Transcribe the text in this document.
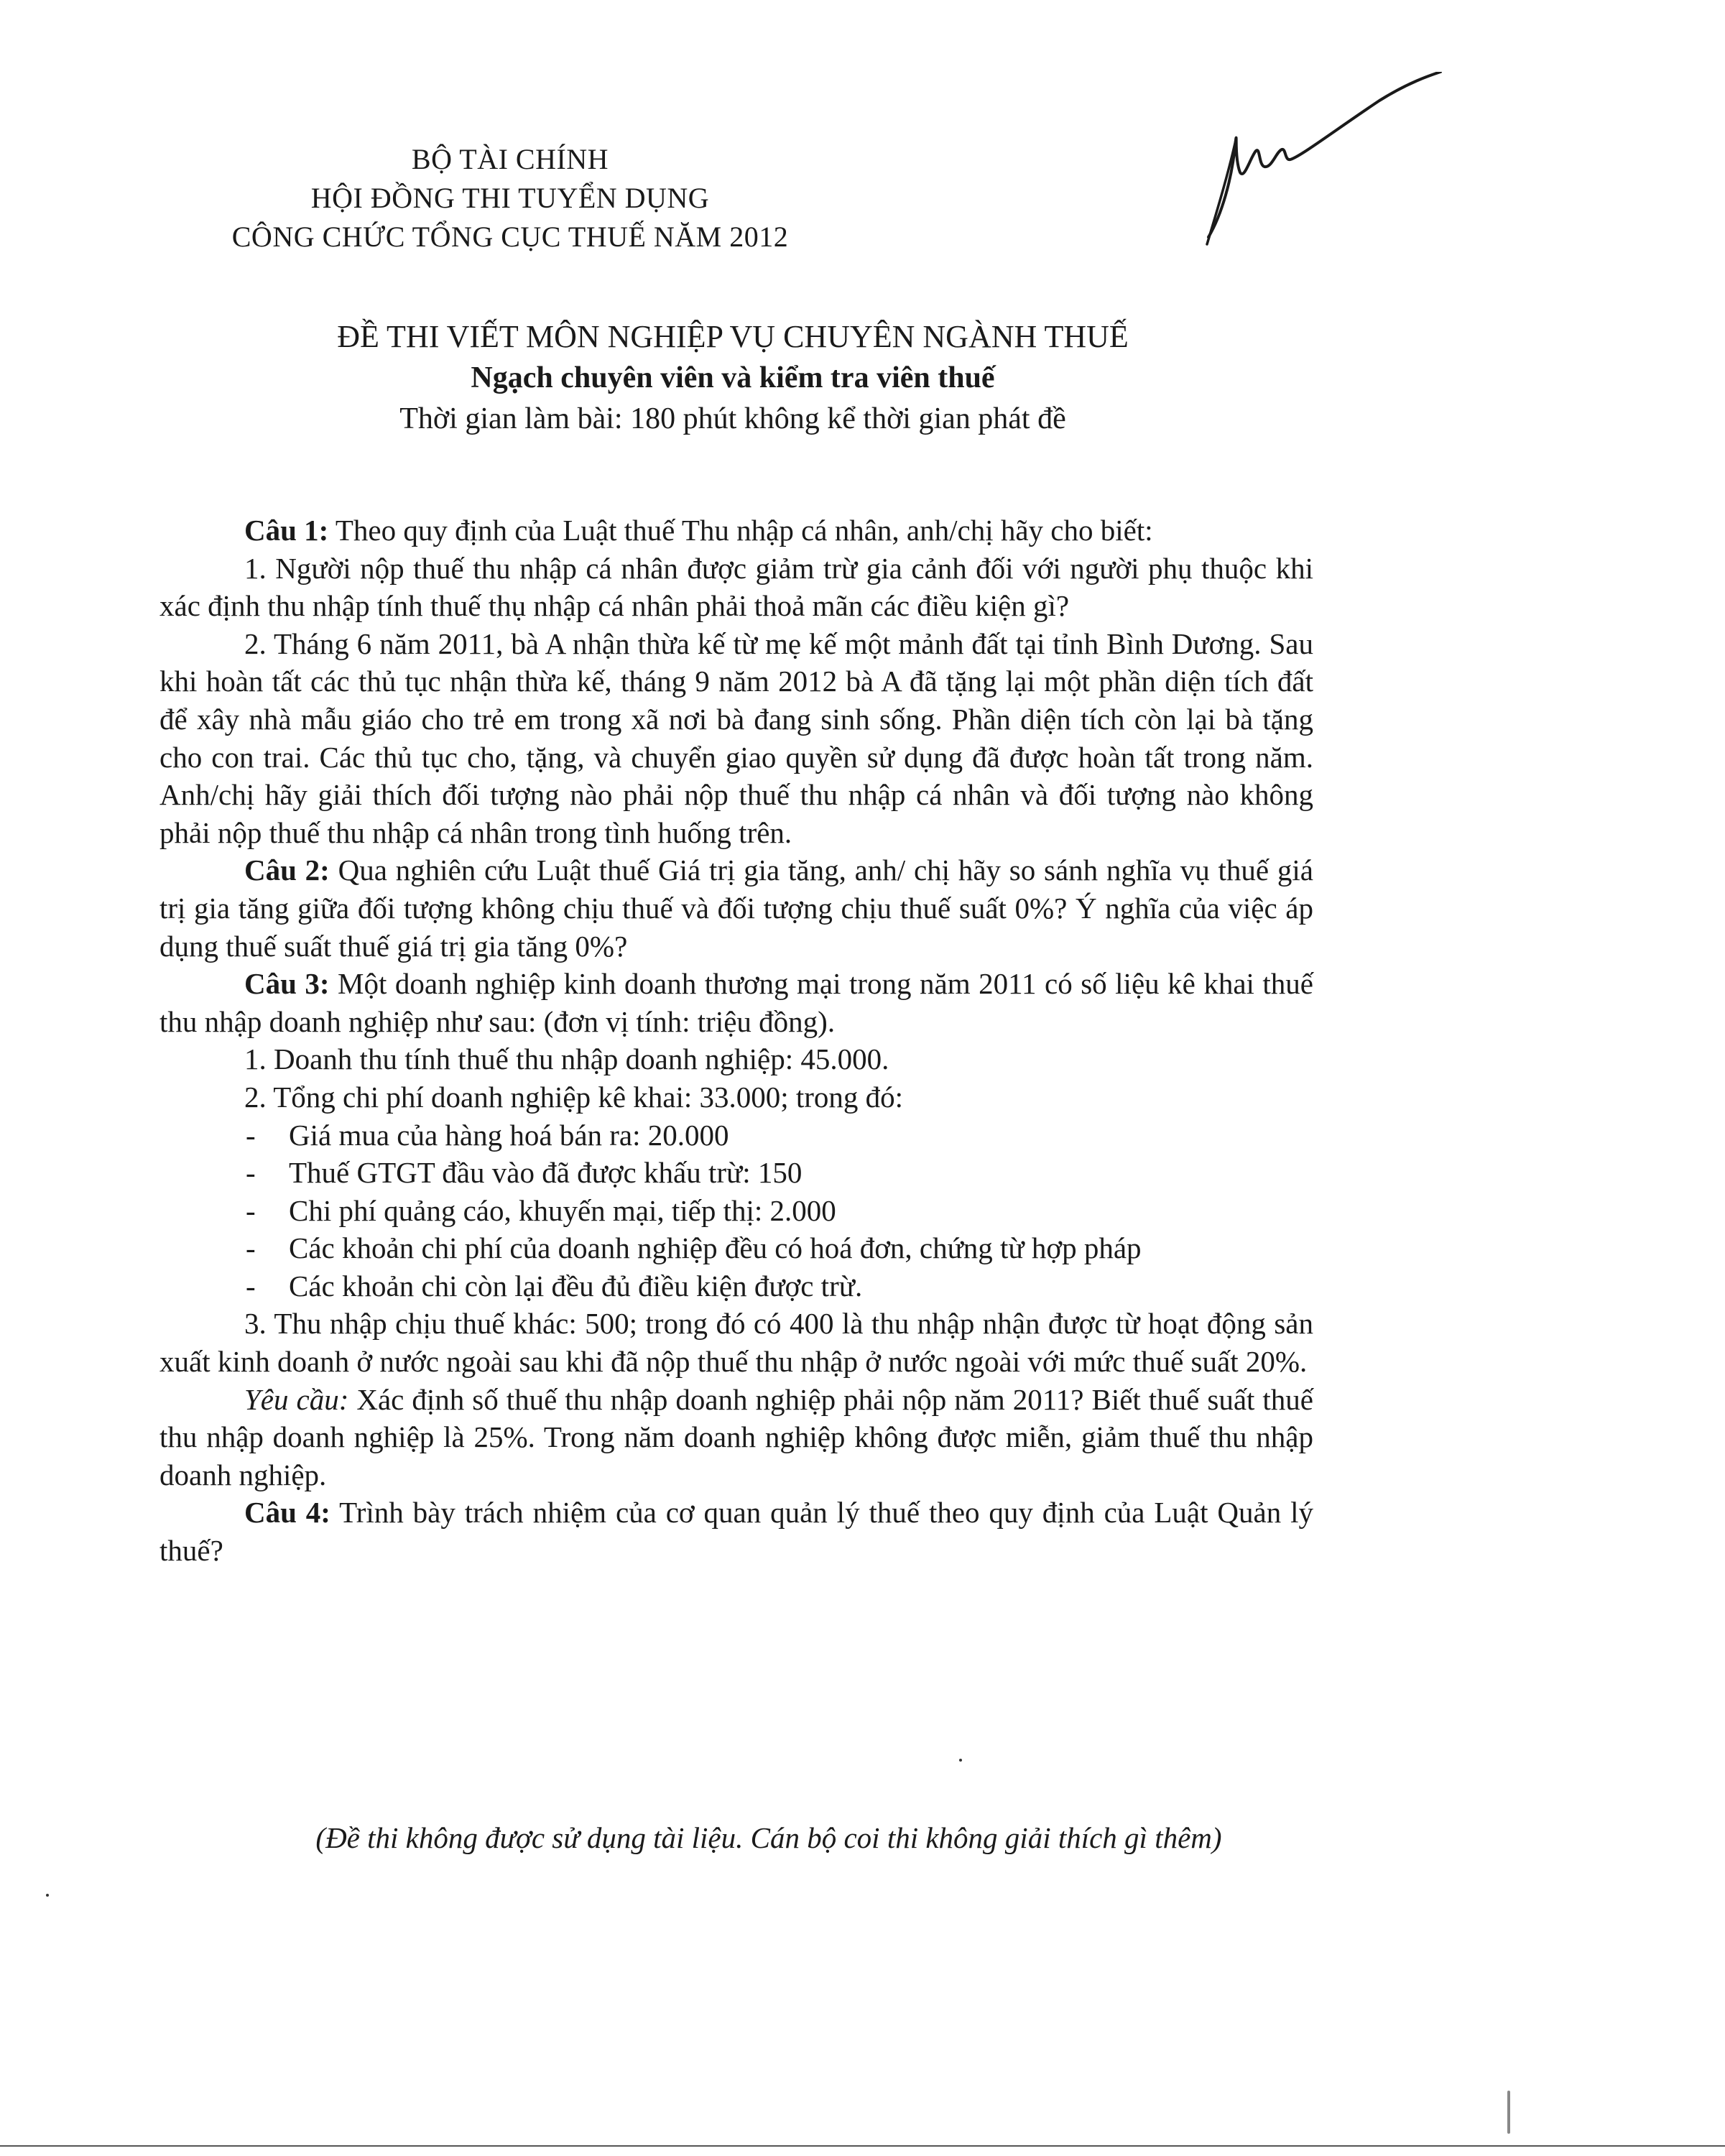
BỘ TÀI CHÍNH
HỘI ĐỒNG THI TUYỂN DỤNG
CÔNG CHỨC TỔNG CỤC THUẾ NĂM 2012
ĐỀ THI VIẾT MÔN NGHIỆP VỤ CHUYÊN NGÀNH THUẾ
Ngạch chuyên viên và kiểm tra viên thuế
Thời gian làm bài: 180 phút không kể thời gian phát đề

Câu 1: Theo quy định của Luật thuế Thu nhập cá nhân, anh/chị hãy cho biết:

1. Người nộp thuế thu nhập cá nhân được giảm trừ gia cảnh đối với người phụ thuộc khi xác định thu nhập tính thuế thụ nhập cá nhân phải thoả mãn các điều kiện gì?

2. Tháng 6 năm 2011, bà A nhận thừa kế từ mẹ kế một mảnh đất tại tỉnh Bình Dương. Sau khi hoàn tất các thủ tục nhận thừa kế, tháng 9 năm 2012 bà A đã tặng lại một phần diện tích đất để xây nhà mẫu giáo cho trẻ em trong xã nơi bà đang sinh sống. Phần diện tích còn lại bà tặng cho con trai. Các thủ tục cho, tặng, và chuyển giao quyền sử dụng đã được hoàn tất trong năm. Anh/chị hãy giải thích đối tượng nào phải nộp thuế thu nhập cá nhân và đối tượng nào không phải nộp thuế thu nhập cá nhân trong tình huống trên.

Câu 2: Qua nghiên cứu Luật thuế Giá trị gia tăng, anh/ chị hãy so sánh nghĩa vụ thuế giá trị gia tăng giữa đối tượng không chịu thuế và đối tượng chịu thuế suất 0%? Ý nghĩa của việc áp dụng thuế suất thuế giá trị gia tăng 0%?

Câu 3: Một doanh nghiệp kinh doanh thương mại trong năm 2011 có số liệu kê khai thuế thu nhập doanh nghiệp như sau: (đơn vị tính: triệu đồng).

1. Doanh thu tính thuế thu nhập doanh nghiệp: 45.000.

2. Tổng chi phí doanh nghiệp kê khai: 33.000; trong đó:

- Giá mua của hàng hoá bán ra: 20.000
- Thuế GTGT đầu vào đã được khấu trừ: 150
- Chi phí quảng cáo, khuyến mại, tiếp thị: 2.000
- Các khoản chi phí của doanh nghiệp đều có hoá đơn, chứng từ hợp pháp
- Các khoản chi còn lại đều đủ điều kiện được trừ.

3. Thu nhập chịu thuế khác: 500; trong đó có 400 là thu nhập nhận được từ hoạt động sản xuất kinh doanh ở nước ngoài sau khi đã nộp thuế thu nhập ở nước ngoài với mức thuế suất 20%.

Yêu cầu: Xác định số thuế thu nhập doanh nghiệp phải nộp năm 2011? Biết thuế suất thuế thu nhập doanh nghiệp là 25%. Trong năm doanh nghiệp không được miễn, giảm thuế thu nhập doanh nghiệp.

Câu 4: Trình bày trách nhiệm của cơ quan quản lý thuế theo quy định của Luật Quản lý thuế?

(Đề thi không được sử dụng tài liệu. Cán bộ coi thi không giải thích gì thêm)
